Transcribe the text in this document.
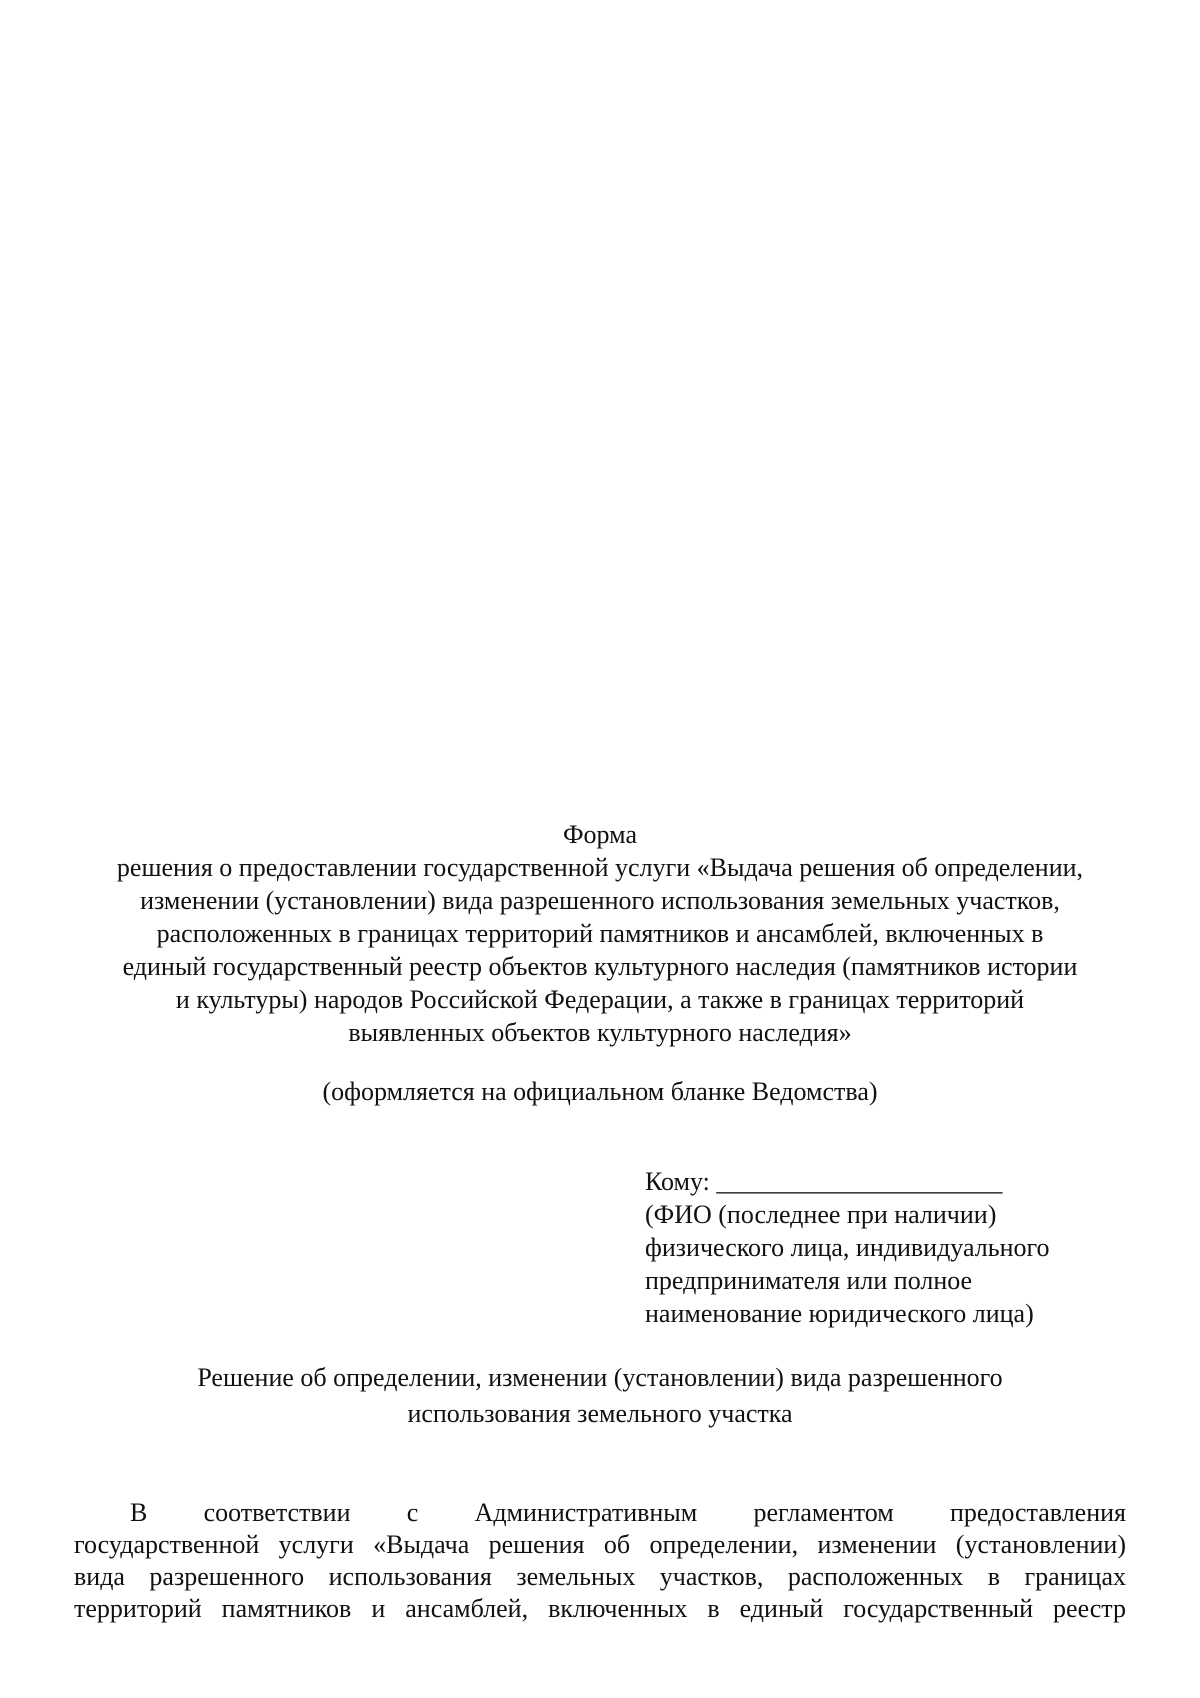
Форма
решения о предоставлении государственной услуги «Выдача решения об определении,
изменении (установлении) вида разрешенного использования земельных участков,
расположенных в границах территорий памятников и ансамблей, включенных в
единый государственный реестр объектов культурного наследия (памятников истории
и культуры) народов Российской Федерации, а также в границах территорий
выявленных объектов культурного наследия»
(оформляется на официальном бланке Ведомства)
Кому: ______________________
(ФИО (последнее при наличии)
физического лица, индивидуального
предпринимателя или полное
наименование юридического лица)
Решение об определении, изменении (установлении) вида разрешенного
использования земельного участка
В соответствии с Административным регламентом предоставления
государственной услуги «Выдача решения об определении, изменении (установлении)
вида разрешенного использования земельных участков, расположенных в границах
территорий памятников и ансамблей, включенных в единый государственный реестр
